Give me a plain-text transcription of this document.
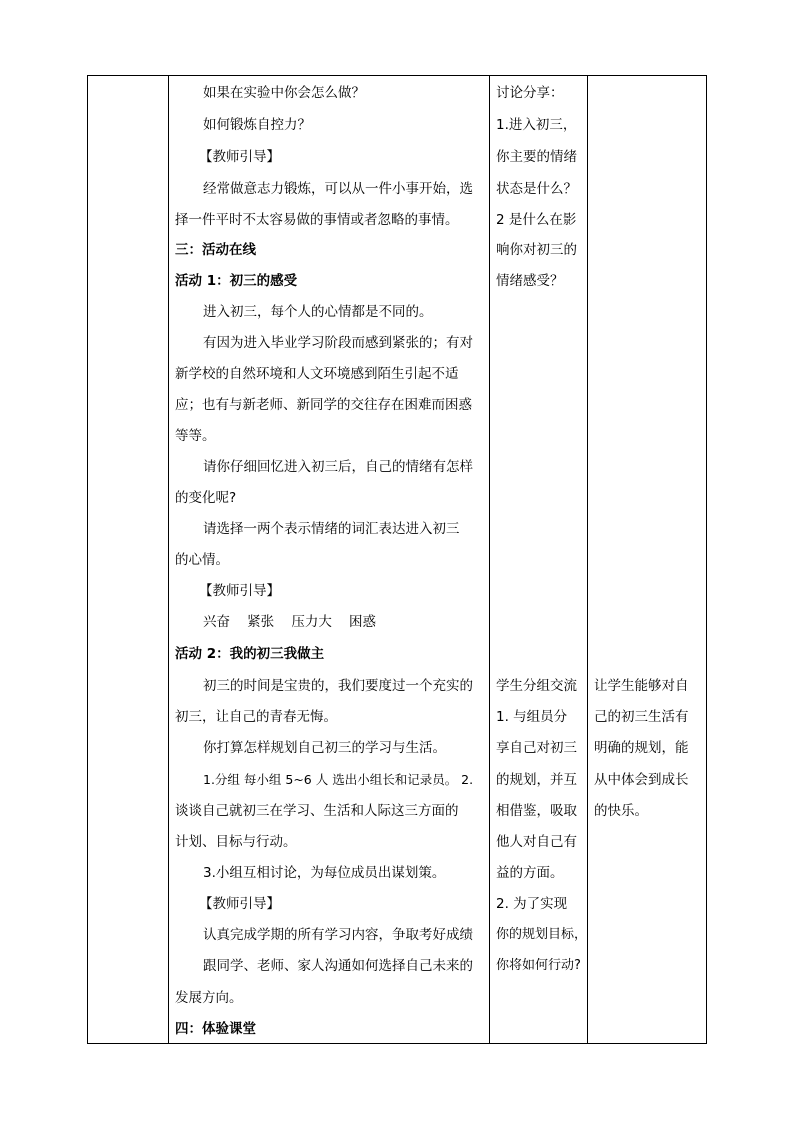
如果在实验中你会怎么做？
如何锻炼自控力？
【教师引导】
经常做意志力锻炼，可以从一件小事开始，选
择一件平时不太容易做的事情或者忽略的事情。
三：活动在线
活动 1：初三的感受
进入初三，每个人的心情都是不同的。
有因为进入毕业学习阶段而感到紧张的；有对
新学校的自然环境和人文环境感到陌生引起不适
应；也有与新老师、新同学的交往存在困难而困惑
等等。
请你仔细回忆进入初三后，自己的情绪有怎样
的变化呢?
请选择一两个表示情绪的词汇表达进入初三
的心情。
【教师引导】
兴奋    紧张    压力大    困惑
活动 2：我的初三我做主
初三的时间是宝贵的，我们要度过一个充实的
初三，让自己的青春无悔。
你打算怎样规划自己初三的学习与生活。
1.分组 每小组 5~6 人 选出小组长和记录员。 2.
谈谈自己就初三在学习、生活和人际这三方面的
计划、目标与行动。
3.小组互相讨论，为每位成员出谋划策。
【教师引导】
认真完成学期的所有学习内容，争取考好成绩
跟同学、老师、家人沟通如何选择自己未来的
发展方向。
四：体验课堂
讨论分享：
1.进入初三，
你主要的情绪
状态是什么？
2 是什么在影
响你对初三的
情绪感受？
学生分组交流
1. 与组员分
享自己对初三
的规划，并互
相借鉴，吸取
他人对自己有
益的方面。
2. 为了实现
你的规划目标，
你将如何行动?
让学生能够对自
己的初三生活有
明确的规划，能
从中体会到成长
的快乐。
